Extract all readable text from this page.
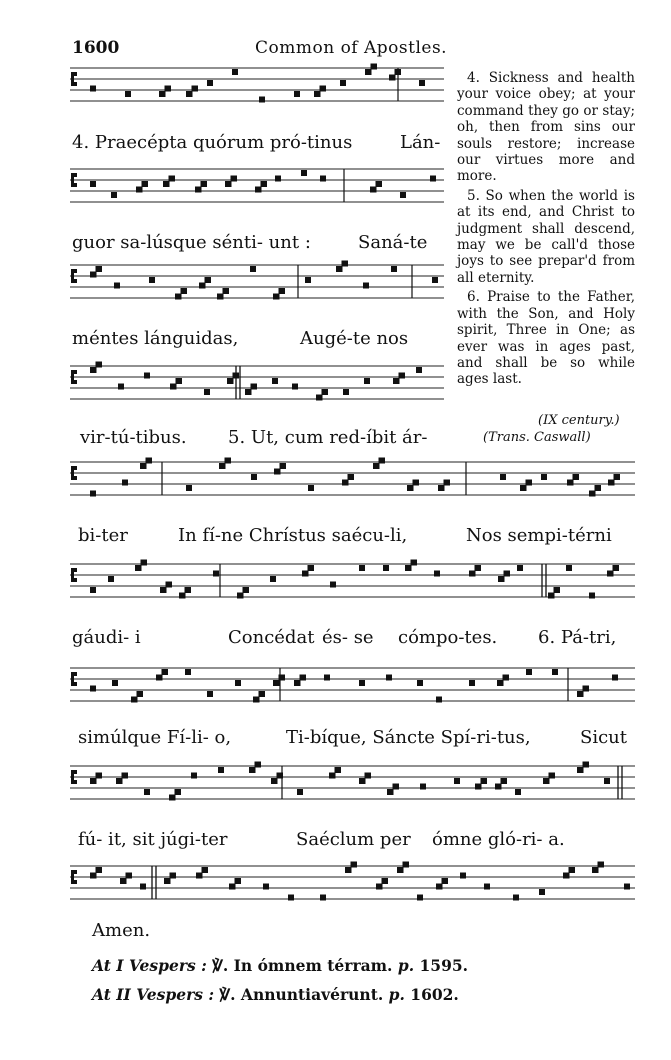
1600	Common of Apostles.
4. Praecépta quórum pró-tinus	Lán-
guor sa-lúsque sénti- unt :	Saná-te
méntes lánguidas,	Augé-te nos
vir-tú-tibus. 5. Ut, cum red-íbit ár-
bi-ter	In fí-ne Chrístus saécu-li,	Nos sempi-térni
gáudi- i	Concédat és- se cómpo-tes. 6. Pá-tri,
simúlque Fí-li- o,	Ti-bíque, Sáncte Spí-ri-tus,	Sicut
fú- it, sit júgi-ter	Saéclum per ómne gló-ri- a.
Amen.

4. Sickness and health your voice obey; at your command they go or stay; oh, then from sins our souls restore; increase our virtues more and more.

5. So when the world is at its end, and Christ to judgment shall descend, may we be call'd those joys to see prepar'd from all eternity.

6. Praise to the Father, with the Son, and Holy spirit, Three in One; as ever was in ages past, and shall be so while ages last.

(IX century.)
(Trans. Caswall)
At I Vespers : ℣. In ómnem térram. p. 1595.
At II Vespers : ℣. Annuntiavérunt. p. 1602.
